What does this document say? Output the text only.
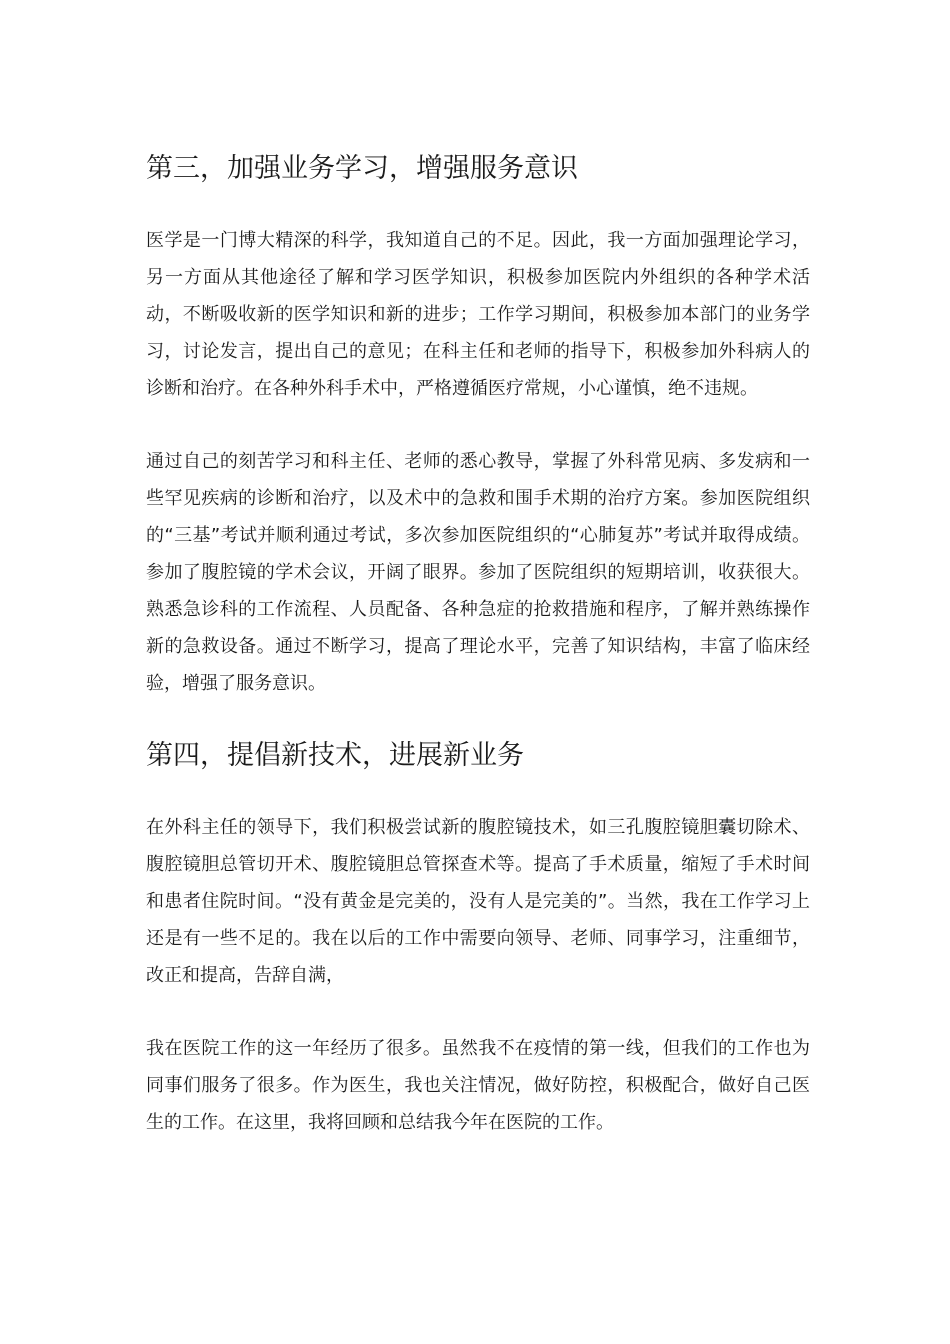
第三，加强业务学习，增强服务意识

医学是一门博大精深的科学，我知道自己的不足。因此，我一方面加强理论学习，另一方面从其他途径了解和学习医学知识，积极参加医院内外组织的各种学术活动，不断吸收新的医学知识和新的进步；工作学习期间，积极参加本部门的业务学习，讨论发言，提出自己的意见；在科主任和老师的指导下，积极参加外科病人的诊断和治疗。在各种外科手术中，严格遵循医疗常规，小心谨慎，绝不违规。

通过自己的刻苦学习和科主任、老师的悉心教导，掌握了外科常见病、多发病和一些罕见疾病的诊断和治疗，以及术中的急救和围手术期的治疗方案。参加医院组织的“三基”考试并顺利通过考试，多次参加医院组织的“心肺复苏”考试并取得成绩。参加了腹腔镜的学术会议，开阔了眼界。参加了医院组织的短期培训，收获很大。熟悉急诊科的工作流程、人员配备、各种急症的抢救措施和程序，了解并熟练操作新的急救设备。通过不断学习，提高了理论水平，完善了知识结构，丰富了临床经验，增强了服务意识。

第四，提倡新技术，进展新业务

在外科主任的领导下，我们积极尝试新的腹腔镜技术，如三孔腹腔镜胆囊切除术、腹腔镜胆总管切开术、腹腔镜胆总管探查术等。提高了手术质量，缩短了手术时间和患者住院时间。“没有黄金是完美的，没有人是完美的”。当然，我在工作学习上还是有一些不足的。我在以后的工作中需要向领导、老师、同事学习，注重细节，改正和提高，告辞自满，

我在医院工作的这一年经历了很多。虽然我不在疫情的第一线，但我们的工作也为同事们服务了很多。作为医生，我也关注情况，做好防控，积极配合，做好自己医生的工作。在这里，我将回顾和总结我今年在医院的工作。
